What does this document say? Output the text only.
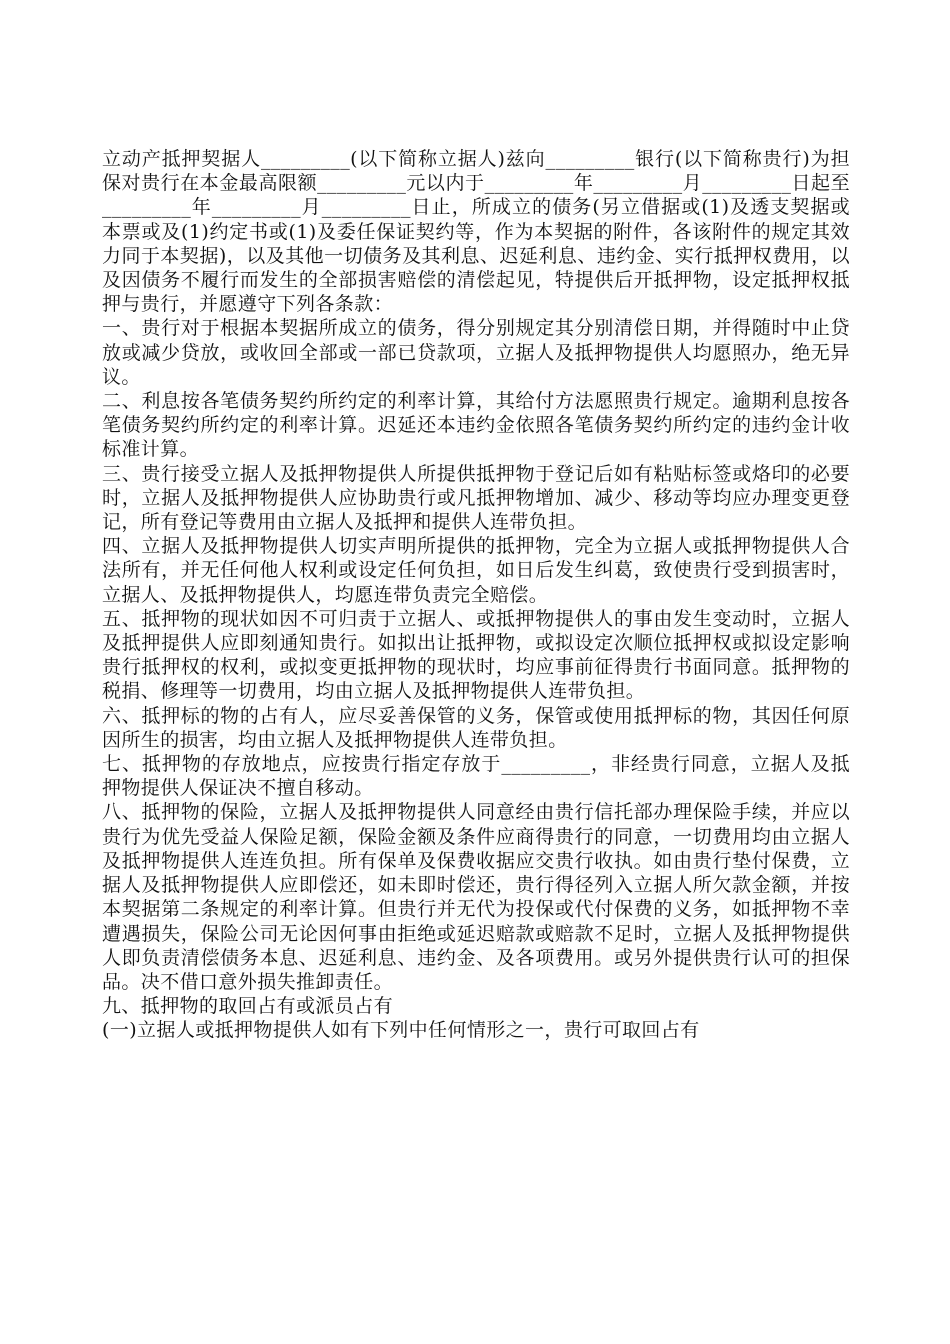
立动产抵押契据人_________(以下简称立据人)兹向_________银行(以下简称贵行)为担保对贵行在本金最高限额_________元以内于_________年_________月_________日起至_________年_________月_________日止，所成立的债务(另立借据或(1)及透支契据或本票或及(1)约定书或(1)及委任保证契约等，作为本契据的附件，各该附件的规定其效力同于本契据)，以及其他一切债务及其利息、迟延利息、违约金、实行抵押权费用，以及因债务不履行而发生的全部损害赔偿的清偿起见，特提供后开抵押物，设定抵押权抵押与贵行，并愿遵守下列各条款：

一、贵行对于根据本契据所成立的债务，得分别规定其分别清偿日期，并得随时中止贷放或减少贷放，或收回全部或一部已贷款项，立据人及抵押物提供人均愿照办，绝无异议。

二、利息按各笔债务契约所约定的利率计算，其给付方法愿照贵行规定。逾期利息按各笔债务契约所约定的利率计算。迟延还本违约金依照各笔债务契约所约定的违约金计收标准计算。

三、贵行接受立据人及抵押物提供人所提供抵押物于登记后如有粘贴标签或烙印的必要时，立据人及抵押物提供人应协助贵行或凡抵押物增加、减少、移动等均应办理变更登记，所有登记等费用由立据人及抵押和提供人连带负担。

四、立据人及抵押物提供人切实声明所提供的抵押物，完全为立据人或抵押物提供人合法所有，并无任何他人权利或设定任何负担，如日后发生纠葛，致使贵行受到损害时，立据人、及抵押物提供人，均愿连带负责完全赔偿。

五、抵押物的现状如因不可归责于立据人、或抵押物提供人的事由发生变动时，立据人及抵押提供人应即刻通知贵行。如拟出让抵押物，或拟设定次顺位抵押权或拟设定影响贵行抵押权的权利，或拟变更抵押物的现状时，均应事前征得贵行书面同意。抵押物的税捐、修理等一切费用，均由立据人及抵押物提供人连带负担。

六、抵押标的物的占有人，应尽妥善保管的义务，保管或使用抵押标的物，其因任何原因所生的损害，均由立据人及抵押物提供人连带负担。

七、抵押物的存放地点，应按贵行指定存放于_________，非经贵行同意，立据人及抵押物提供人保证决不擅自移动。

八、抵押物的保险，立据人及抵押物提供人同意经由贵行信托部办理保险手续，并应以贵行为优先受益人保险足额，保险金额及条件应商得贵行的同意，一切费用均由立据人及抵押物提供人连连负担。所有保单及保费收据应交贵行收执。如由贵行垫付保费，立据人及抵押物提供人应即偿还，如未即时偿还，贵行得径列入立据人所欠款金额，并按本契据第二条规定的利率计算。但贵行并无代为投保或代付保费的义务，如抵押物不幸遭遇损失，保险公司无论因何事由拒绝或延迟赔款或赔款不足时，立据人及抵押物提供人即负责清偿债务本息、迟延利息、违约金、及各项费用。或另外提供贵行认可的担保品。决不借口意外损失推卸责任。

九、抵押物的取回占有或派员占有

(一)立据人或抵押物提供人如有下列中任何情形之一，贵行可取回占有
